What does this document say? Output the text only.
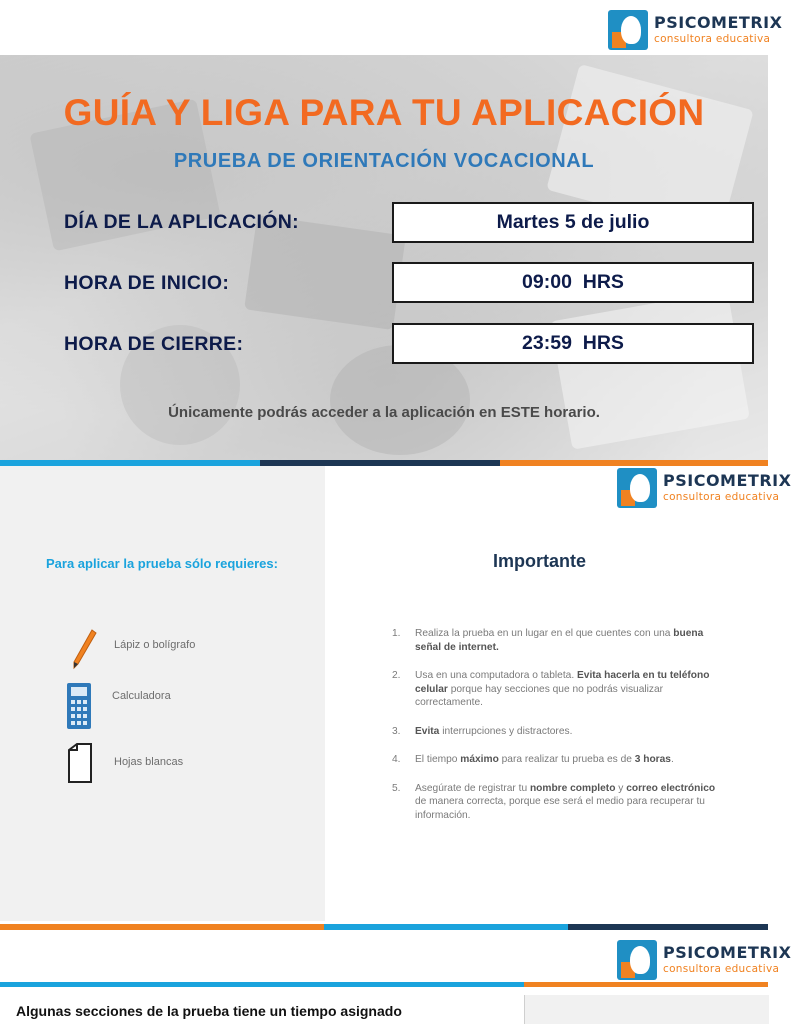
PSICOMETRIX
consultora educativa
GUÍA Y LIGA PARA TU APLICACIÓN
PRUEBA DE ORIENTACIÓN VOCACIONAL
DÍA DE LA APLICACIÓN:	Martes 5 de julio
HORA DE INICIO:	09:00  HRS
HORA DE CIERRE:	23:59  HRS
Únicamente podrás acceder a la aplicación en ESTE horario.
PSICOMETRIX
consultora educativa
Para aplicar la prueba sólo requieres:
Lápiz o bolígrafo
Calculadora
Hojas blancas
Importante
1. Realiza la prueba en un lugar en el que cuentes con una buena señal de internet.
2. Usa en una computadora o tableta. Evita hacerla en tu teléfono celular porque hay secciones que no podrás visualizar correctamente.
3. Evita interrupciones y distractores.
4. El tiempo máximo para realizar tu prueba es de 3 horas.
5. Asegúrate de registrar tu nombre completo y correo electrónico de manera correcta, porque ese será el medio para recuperar tu información.
PSICOMETRIX
consultora educativa
Algunas secciones de la prueba tiene un tiempo asignado
